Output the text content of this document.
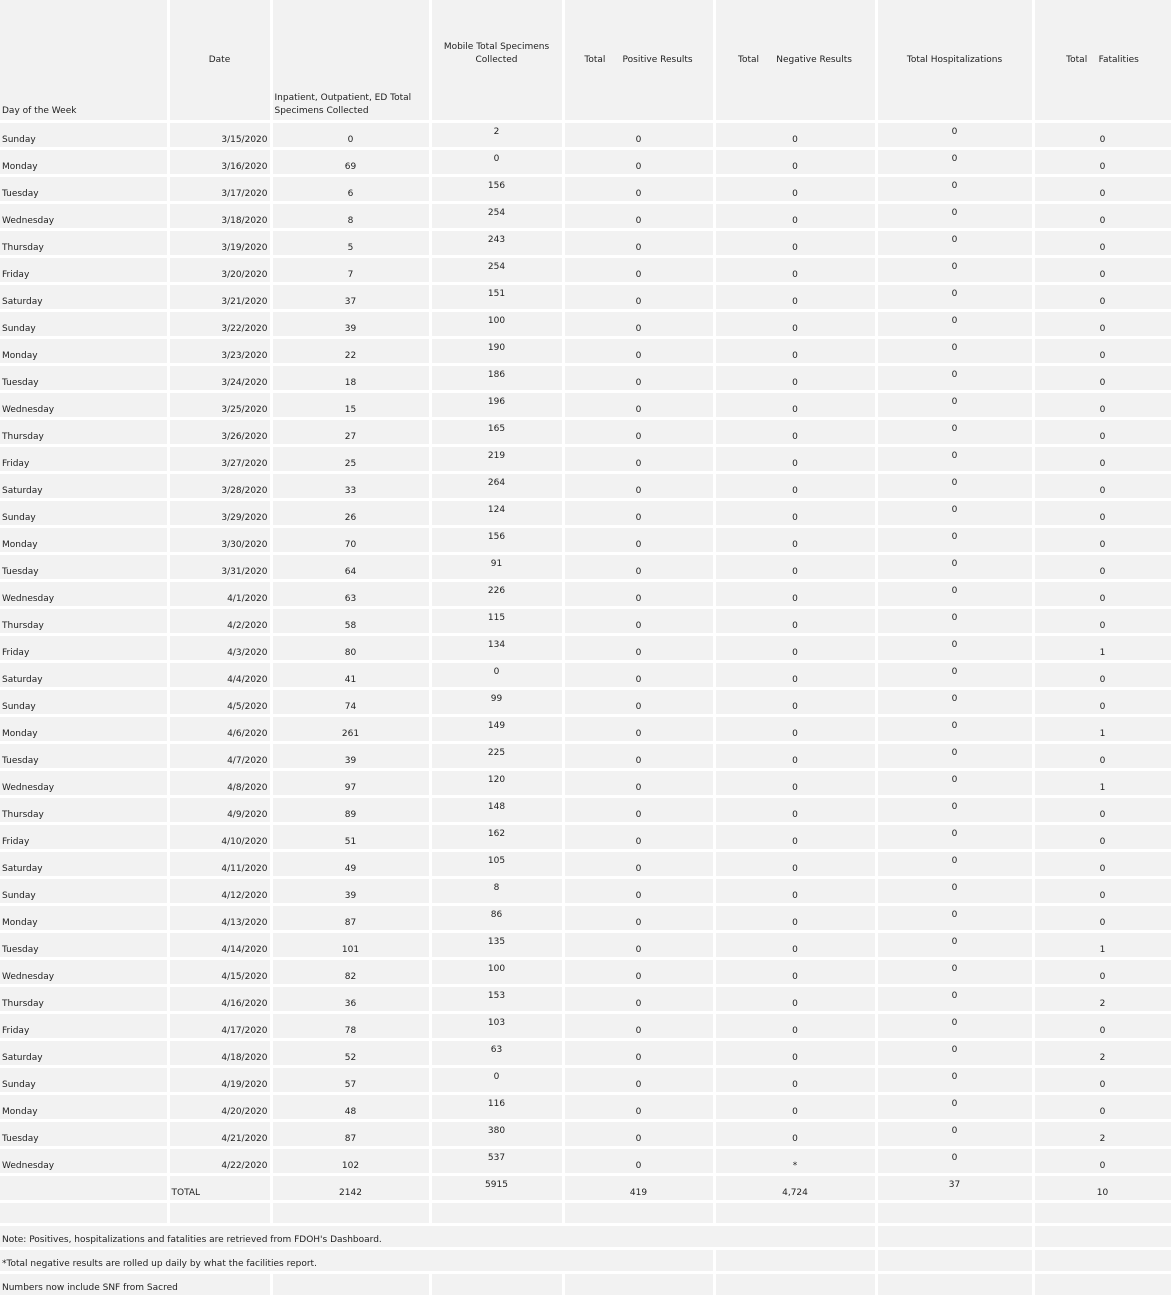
Day of the Week	Date	Inpatient, Outpatient, ED Total Specimens Collected	Mobile Total Specimens Collected	Total      Positive Results	Total      Negative Results	Total Hospitalizations	Total    Fatalities
Sunday	3/15/2020	0	2	0	0	0	0
Monday	3/16/2020	69	0	0	0	0	0
Tuesday	3/17/2020	6	156	0	0	0	0
Wednesday	3/18/2020	8	254	0	0	0	0
Thursday	3/19/2020	5	243	0	0	0	0
Friday	3/20/2020	7	254	0	0	0	0
Saturday	3/21/2020	37	151	0	0	0	0
Sunday	3/22/2020	39	100	0	0	0	0
Monday	3/23/2020	22	190	0	0	0	0
Tuesday	3/24/2020	18	186	0	0	0	0
Wednesday	3/25/2020	15	196	0	0	0	0
Thursday	3/26/2020	27	165	0	0	0	0
Friday	3/27/2020	25	219	0	0	0	0
Saturday	3/28/2020	33	264	0	0	0	0
Sunday	3/29/2020	26	124	0	0	0	0
Monday	3/30/2020	70	156	0	0	0	0
Tuesday	3/31/2020	64	91	0	0	0	0
Wednesday	4/1/2020	63	226	0	0	0	0
Thursday	4/2/2020	58	115	0	0	0	0
Friday	4/3/2020	80	134	0	0	0	1
Saturday	4/4/2020	41	0	0	0	0	0
Sunday	4/5/2020	74	99	0	0	0	0
Monday	4/6/2020	261	149	0	0	0	1
Tuesday	4/7/2020	39	225	0	0	0	0
Wednesday	4/8/2020	97	120	0	0	0	1
Thursday	4/9/2020	89	148	0	0	0	0
Friday	4/10/2020	51	162	0	0	0	0
Saturday	4/11/2020	49	105	0	0	0	0
Sunday	4/12/2020	39	8	0	0	0	0
Monday	4/13/2020	87	86	0	0	0	0
Tuesday	4/14/2020	101	135	0	0	0	1
Wednesday	4/15/2020	82	100	0	0	0	0
Thursday	4/16/2020	36	153	0	0	0	2
Friday	4/17/2020	78	103	0	0	0	0
Saturday	4/18/2020	52	63	0	0	0	2
Sunday	4/19/2020	57	0	0	0	0	0
Monday	4/20/2020	48	116	0	0	0	0
Tuesday	4/21/2020	87	380	0	0	0	2
Wednesday	4/22/2020	102	537	0	*	0	0
	TOTAL	2142	5915	419	4,724	37	10

Note: Positives, hospitalizations and fatalities are retrieved from FDOH's Dashboard.							
*Total negative results are rolled up daily by what the facilities report.							
Numbers now include SNF from Sacred							
